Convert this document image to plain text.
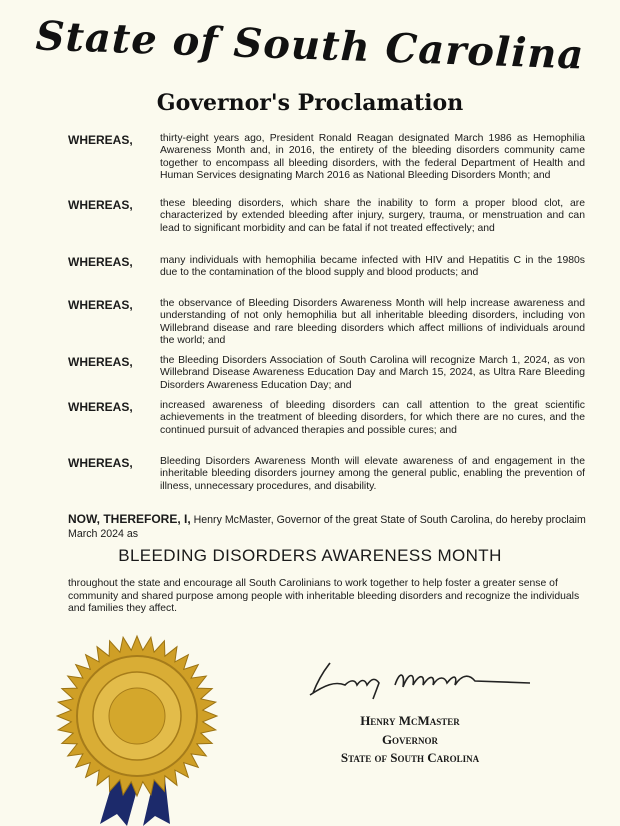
State of South Carolina
Governor's Proclamation
WHEREAS,	thirty-eight years ago, President Ronald Reagan designated March 1986 as Hemophilia Awareness Month and, in 2016, the entirety of the bleeding disorders community came together to encompass all bleeding disorders, with the federal Department of Health and Human Services designating March 2016 as National Bleeding Disorders Month; and
WHEREAS,	these bleeding disorders, which share the inability to form a proper blood clot, are characterized by extended bleeding after injury, surgery, trauma, or menstruation and can lead to significant morbidity and can be fatal if not treated effectively; and
WHEREAS,	many individuals with hemophilia became infected with HIV and Hepatitis C in the 1980s due to the contamination of the blood supply and blood products; and
WHEREAS,	the observance of Bleeding Disorders Awareness Month will help increase awareness and understanding of not only hemophilia but all inheritable bleeding disorders, including von Willebrand disease and rare bleeding disorders which affect millions of individuals around the world; and
WHEREAS,	the Bleeding Disorders Association of South Carolina will recognize March 1, 2024, as von Willebrand Disease Awareness Education Day and March 15, 2024, as Ultra Rare Bleeding Disorders Awareness Education Day; and
WHEREAS,	increased awareness of bleeding disorders can call attention to the great scientific achievements in the treatment of bleeding disorders, for which there are no cures, and the continued pursuit of advanced therapies and possible cures; and
WHEREAS,	Bleeding Disorders Awareness Month will elevate awareness of and engagement in the inheritable bleeding disorders journey among the general public, enabling the prevention of illness, unnecessary procedures, and disability.
NOW, THEREFORE, I, Henry McMaster, Governor of the great State of South Carolina, do hereby proclaim March 2024 as
BLEEDING DISORDERS AWARENESS MONTH
throughout the state and encourage all South Carolinians to work together to help foster a greater sense of community and shared purpose among people with inheritable bleeding disorders and recognize the individuals and families they affect.
Henry McMaster
Governor
State of South Carolina
